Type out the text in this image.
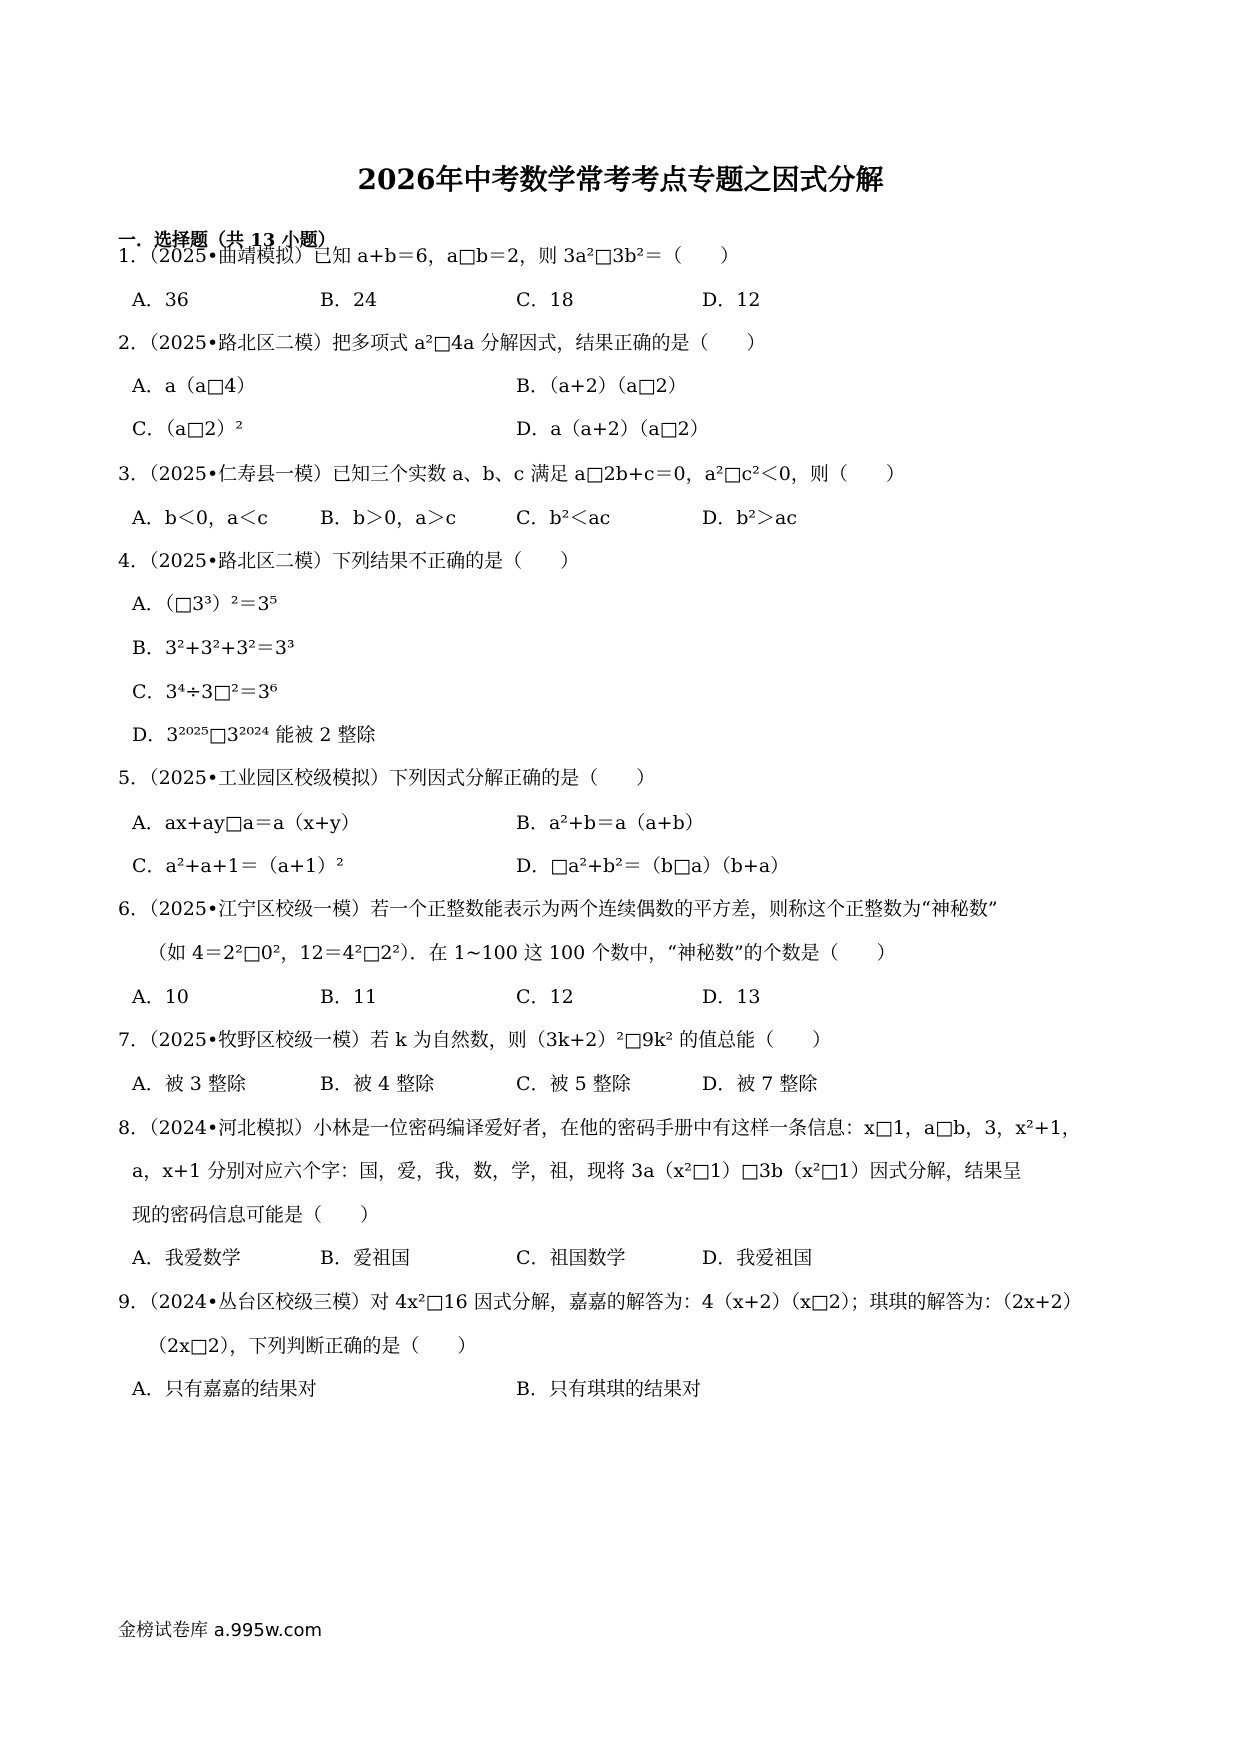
2026年中考数学常考考点专题之因式分解
一．选择题（共 13 小题）
1．（2025•曲靖模拟）已知 a+b＝6，a□b＝2，则 3a²□3b²＝（　　）
A．36	B．24	C．18	D．12
2．（2025•路北区二模）把多项式 a²□4a 分解因式，结果正确的是（　　）
A．a（a□4）	B．（a+2）（a□2）
C．（a□2）²	D．a（a+2）（a□2）
3．（2025•仁寿县一模）已知三个实数 a、b、c 满足 a□2b+c＝0，a²□c²＜0，则（　　）
A．b＜0，a＜c	B．b＞0，a＞c	C．b²＜ac	D．b²＞ac
4．（2025•路北区二模）下列结果不正确的是（　　）
A．（□3³）²＝3⁵
B．3²+3²+3²＝3³
C．3⁴÷3□²＝3⁶
D．3²⁰²⁵□3²⁰²⁴ 能被 2 整除
5．（2025•工业园区校级模拟）下列因式分解正确的是（　　）
A．ax+ay□a＝a（x+y）	B．a²+b＝a（a+b）
C．a²+a+1＝（a+1）²	D．□a²+b²＝（b□a）（b+a）
6．（2025•江宁区校级一模）若一个正整数能表示为两个连续偶数的平方差，则称这个正整数为“神秘数”
（如 4＝2²□0²，12＝4²□2²）．在 1~100 这 100 个数中，“神秘数”的个数是（　　）
A．10	B．11	C．12	D．13
7．（2025•牧野区校级一模）若 k 为自然数，则（3k+2）²□9k² 的值总能（　　）
A．被 3 整除	B．被 4 整除	C．被 5 整除	D．被 7 整除
8．（2024•河北模拟）小林是一位密码编译爱好者，在他的密码手册中有这样一条信息：x□1，a□b，3，x²+1，
a，x+1 分别对应六个字：国，爱，我，数，学，祖，现将 3a（x²□1）□3b（x²□1）因式分解，结果呈
现的密码信息可能是（　　）
A．我爱数学	B．爱祖国	C．祖国数学	D．我爱祖国
9．（2024•丛台区校级三模）对 4x²□16 因式分解，嘉嘉的解答为：4（x+2）（x□2）；琪琪的解答为：（2x+2）
（2x□2），下列判断正确的是（　　）
A．只有嘉嘉的结果对	B．只有琪琪的结果对
金榜试卷库 a.995w.com
